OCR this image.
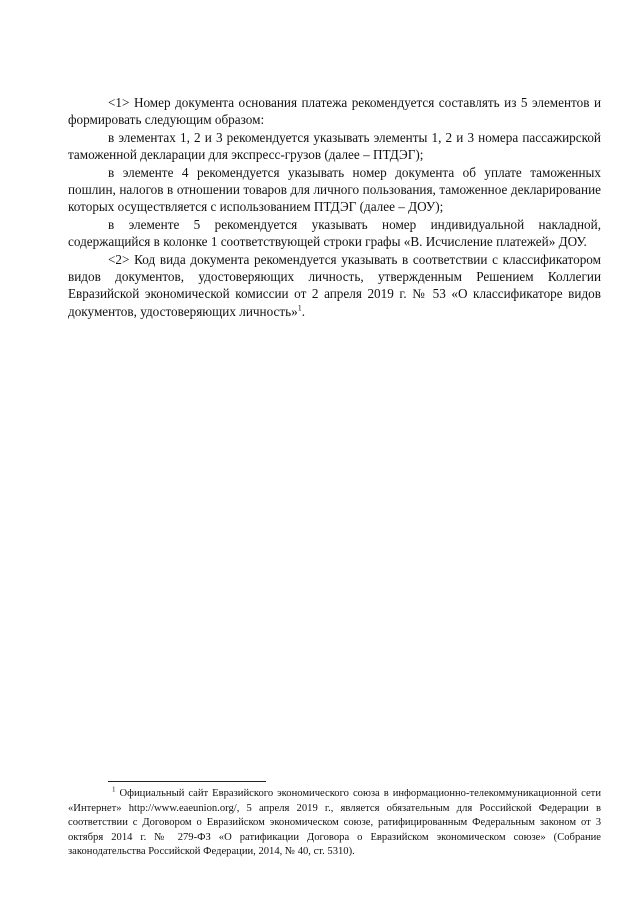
<1> Номер документа основания платежа рекомендуется составлять из 5 элементов и формировать следующим образом:

в элементах 1, 2 и 3 рекомендуется указывать элементы 1, 2 и 3 номера пассажирской таможенной декларации для экспресс-грузов (далее – ПТДЭГ);

в элементе 4 рекомендуется указывать номер документа об уплате таможенных пошлин, налогов в отношении товаров для личного пользования, таможенное декларирование которых осуществляется с использованием ПТДЭГ (далее – ДОУ);

в элементе 5 рекомендуется указывать номер индивидуальной накладной, содержащийся в колонке 1 соответствующей строки графы «В. Исчисление платежей» ДОУ.

<2> Код вида документа рекомендуется указывать в соответствии с классификатором видов документов, удостоверяющих личность, утвержденным Решением Коллегии Евразийской экономической комиссии от 2 апреля 2019 г. № 53 «О классификаторе видов документов, удостоверяющих личность»$^1$.

$^1$ Официальный сайт Евразийского экономического союза в информационно-телекоммуникационной сети «Интернет» http://www.eaeunion.org/, 5 апреля 2019 г., является обязательным для Российской Федерации в соответствии с Договором о Евразийском экономическом союзе, ратифицированным Федеральным законом от 3 октября 2014 г. № 279-ФЗ «О ратификации Договора о Евразийском экономическом союзе» (Собрание законодательства Российской Федерации, 2014, № 40, ст. 5310).
